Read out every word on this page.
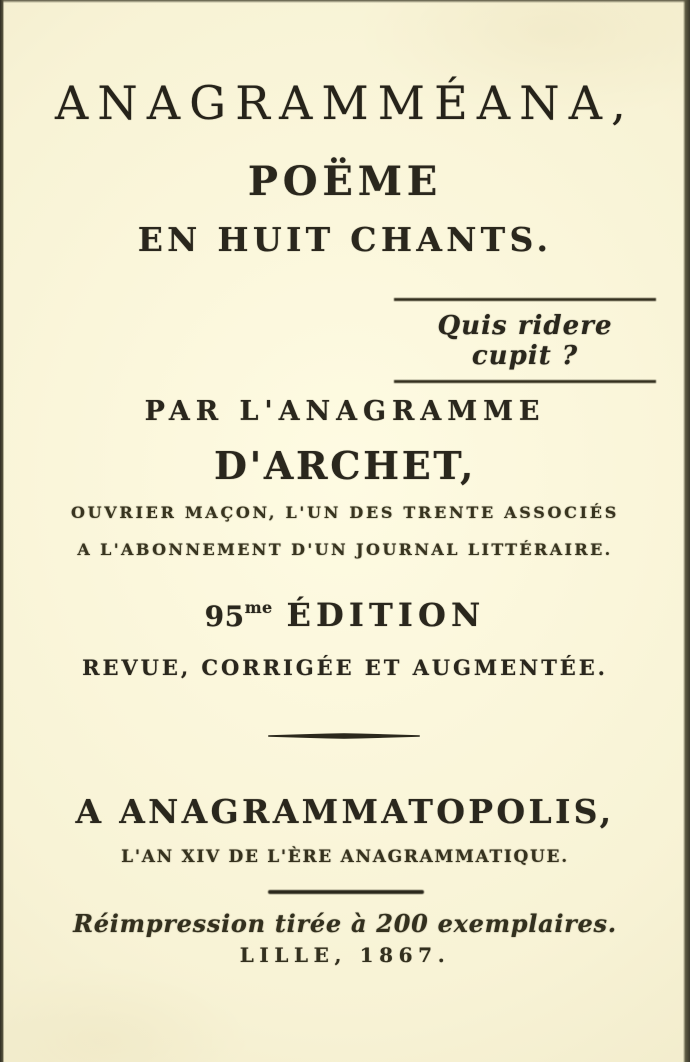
ANAGRAMMÉANA,
POËME
EN HUIT CHANTS.
Quis ridere cupit ?
PAR L'ANAGRAMME
D'ARCHET,
OUVRIER MAÇON, L'UN DES TRENTE ASSOCIÉS
A L'ABONNEMENT D'UN JOURNAL LITTÉRAIRE.
$95^{me}$ ÉDITION
REVUE, CORRIGÉE ET AUGMENTÉE.
A ANAGRAMMATOPOLIS,
L'AN XIV DE L'ÈRE ANAGRAMMATIQUE.
Réimpression tirée à 200 exemplaires.
LILLE, 1867.
